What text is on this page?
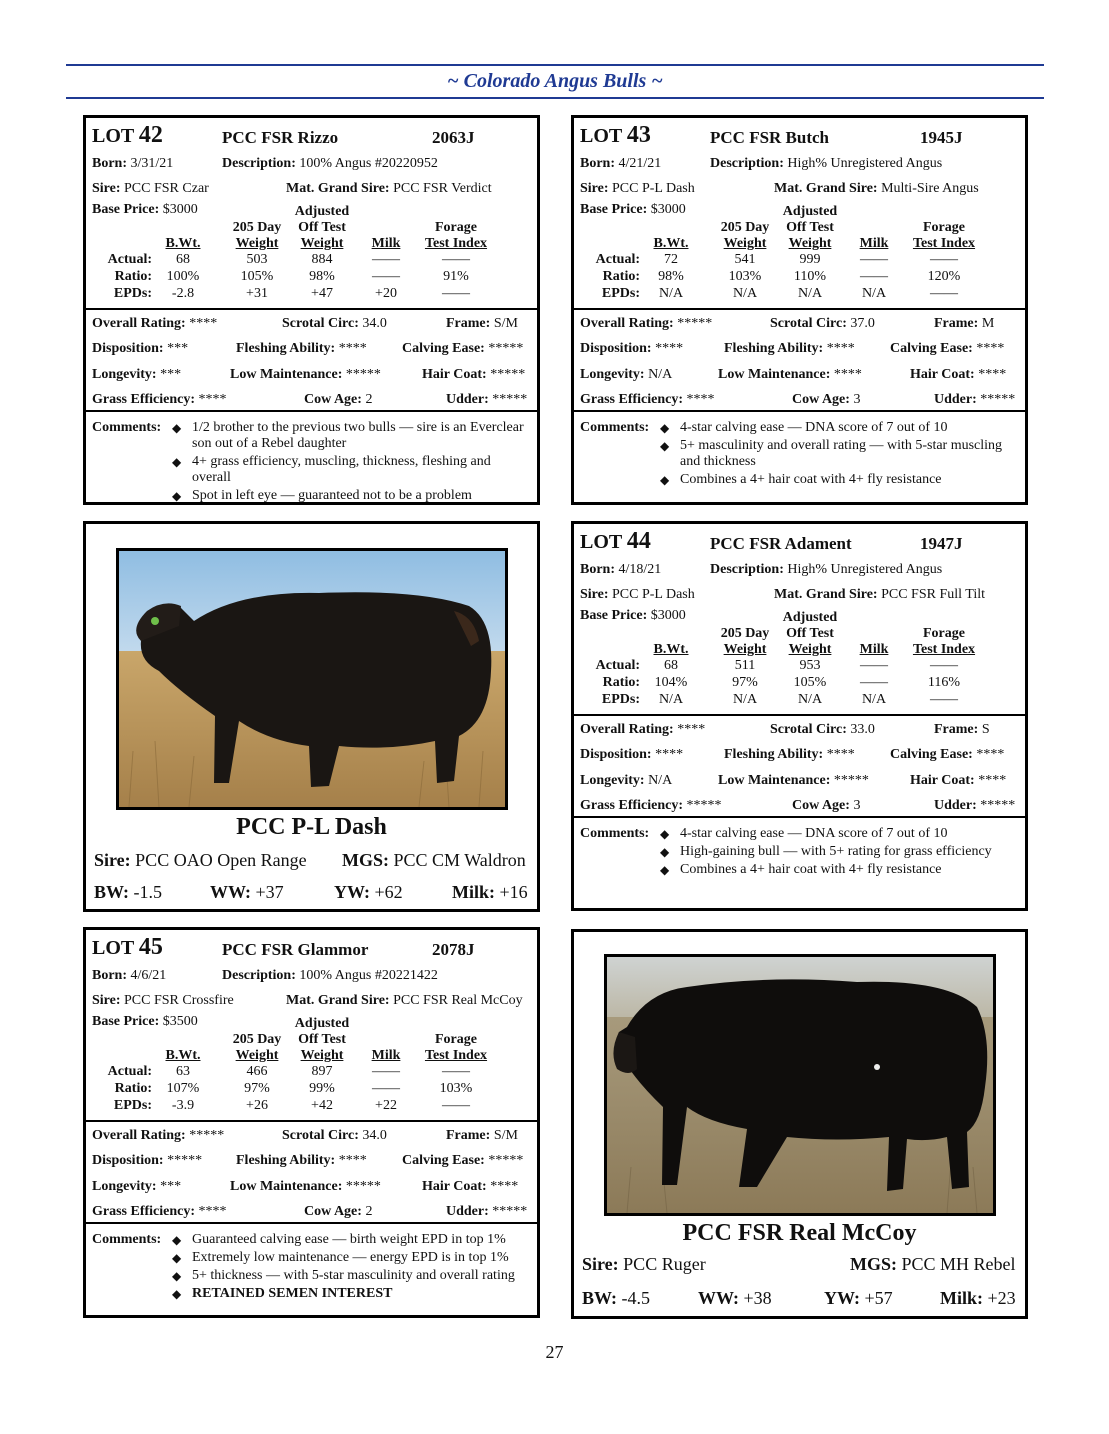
~ Colorado Angus Bulls ~
LOT 42	PCC FSR Rizzo	2063J
Born: 3/31/21	Description: 100% Angus #20220952
Sire: PCC FSR Czar	Mat. Grand Sire: PCC FSR Verdict
Base Price: $3000
205 Day
Adjusted
Off Test	Forage
B.Wt.	Weight	Weight	Milk	Test Index
Actual:	68	503	884	——	——
Ratio:	100%	105%	98%	——	91%
EPDs:	-2.8	+31	+47	+20	——
Overall Rating: ****	Scrotal Circ: 34.0	Frame: S/M
Disposition: ***	Fleshing Ability: ****	Calving Ease: *****
Longevity: ***	Low Maintenance: *****	Hair Coat: *****
Grass Efficiency: ****	Cow Age: 2	Udder: *****
Comments: ◆ 1/2 brother to the previous two bulls — sire is an Everclear son out of a Rebel daughter
◆ 4+ grass efficiency, muscling, thickness, fleshing and overall
◆ Spot in left eye — guaranteed not to be a problem
LOT 43	PCC FSR Butch	1945J
Born: 4/21/21	Description: High% Unregistered Angus
Sire: PCC P-L Dash	Mat. Grand Sire: Multi-Sire Angus
Base Price: $3000
205 Day
Adjusted
Off Test	Forage
B.Wt.	Weight	Weight	Milk	Test Index
Actual:	72	541	999	——	——
Ratio:	98%	103%	110%	——	120%
EPDs:	N/A	N/A	N/A	N/A	——
Overall Rating: *****	Scrotal Circ: 37.0	Frame: M
Disposition: ****	Fleshing Ability: ****	Calving Ease: ****
Longevity: N/A	Low Maintenance: ****	Hair Coat: ****
Grass Efficiency: ****	Cow Age: 3	Udder: *****
Comments: ◆ 4-star calving ease — DNA score of 7 out of 10
◆ 5+ masculinity and overall rating — with 5-star muscling and thickness
◆ Combines a 4+ hair coat with 4+ fly resistance
LOT 44	PCC FSR Adament	1947J
Born: 4/18/21	Description: High% Unregistered Angus
Sire: PCC P-L Dash	Mat. Grand Sire: PCC FSR Full Tilt
Base Price: $3000
205 Day
Adjusted
Off Test	Forage
B.Wt.	Weight	Weight	Milk	Test Index
Actual:	68	511	953	——	——
Ratio:	104%	97%	105%	——	116%
EPDs:	N/A	N/A	N/A	N/A	——
Overall Rating: ****	Scrotal Circ: 33.0	Frame: S
Disposition: ****	Fleshing Ability: ****	Calving Ease: ****
Longevity: N/A	Low Maintenance: *****	Hair Coat: ****
Grass Efficiency: *****	Cow Age: 3	Udder: *****
Comments: ◆ 4-star calving ease — DNA score of 7 out of 10
◆ High-gaining bull — with 5+ rating for grass efficiency
◆ Combines a 4+ hair coat with 4+ fly resistance
LOT 45	PCC FSR Glammor	2078J
Born: 4/6/21	Description: 100% Angus #20221422
Sire: PCC FSR Crossfire	Mat. Grand Sire: PCC FSR Real McCoy
Base Price: $3500
205 Day
Adjusted
Off Test	Forage
B.Wt.	Weight	Weight	Milk	Test Index
Actual:	63	466	897	——	——
Ratio:	107%	97%	99%	——	103%
EPDs:	-3.9	+26	+42	+22	——
Overall Rating: *****	Scrotal Circ: 34.0	Frame: S/M
Disposition: ***** Fleshing Ability: ****	Calving Ease: *****
Longevity: ***	Low Maintenance: *****	Hair Coat: ****
Grass Efficiency: ****	Cow Age: 2	Udder: *****
Comments: ◆ Guaranteed calving ease — birth weight EPD in top 1%
◆ Extremely low maintenance — energy EPD is in top 1%
◆ 5+ thickness — with 5-star masculinity and overall rating
◆ RETAINED SEMEN INTEREST
PCC P-L Dash
Sire: PCC OAO Open Range MGS: PCC CM Waldron
BW: -1.5	WW: +37	YW: +62	Milk: +16
PCC FSR Real McCoy
Sire: PCC Ruger	MGS: PCC MH Rebel
BW: -4.5	WW: +38	YW: +57	Milk: +23
27
